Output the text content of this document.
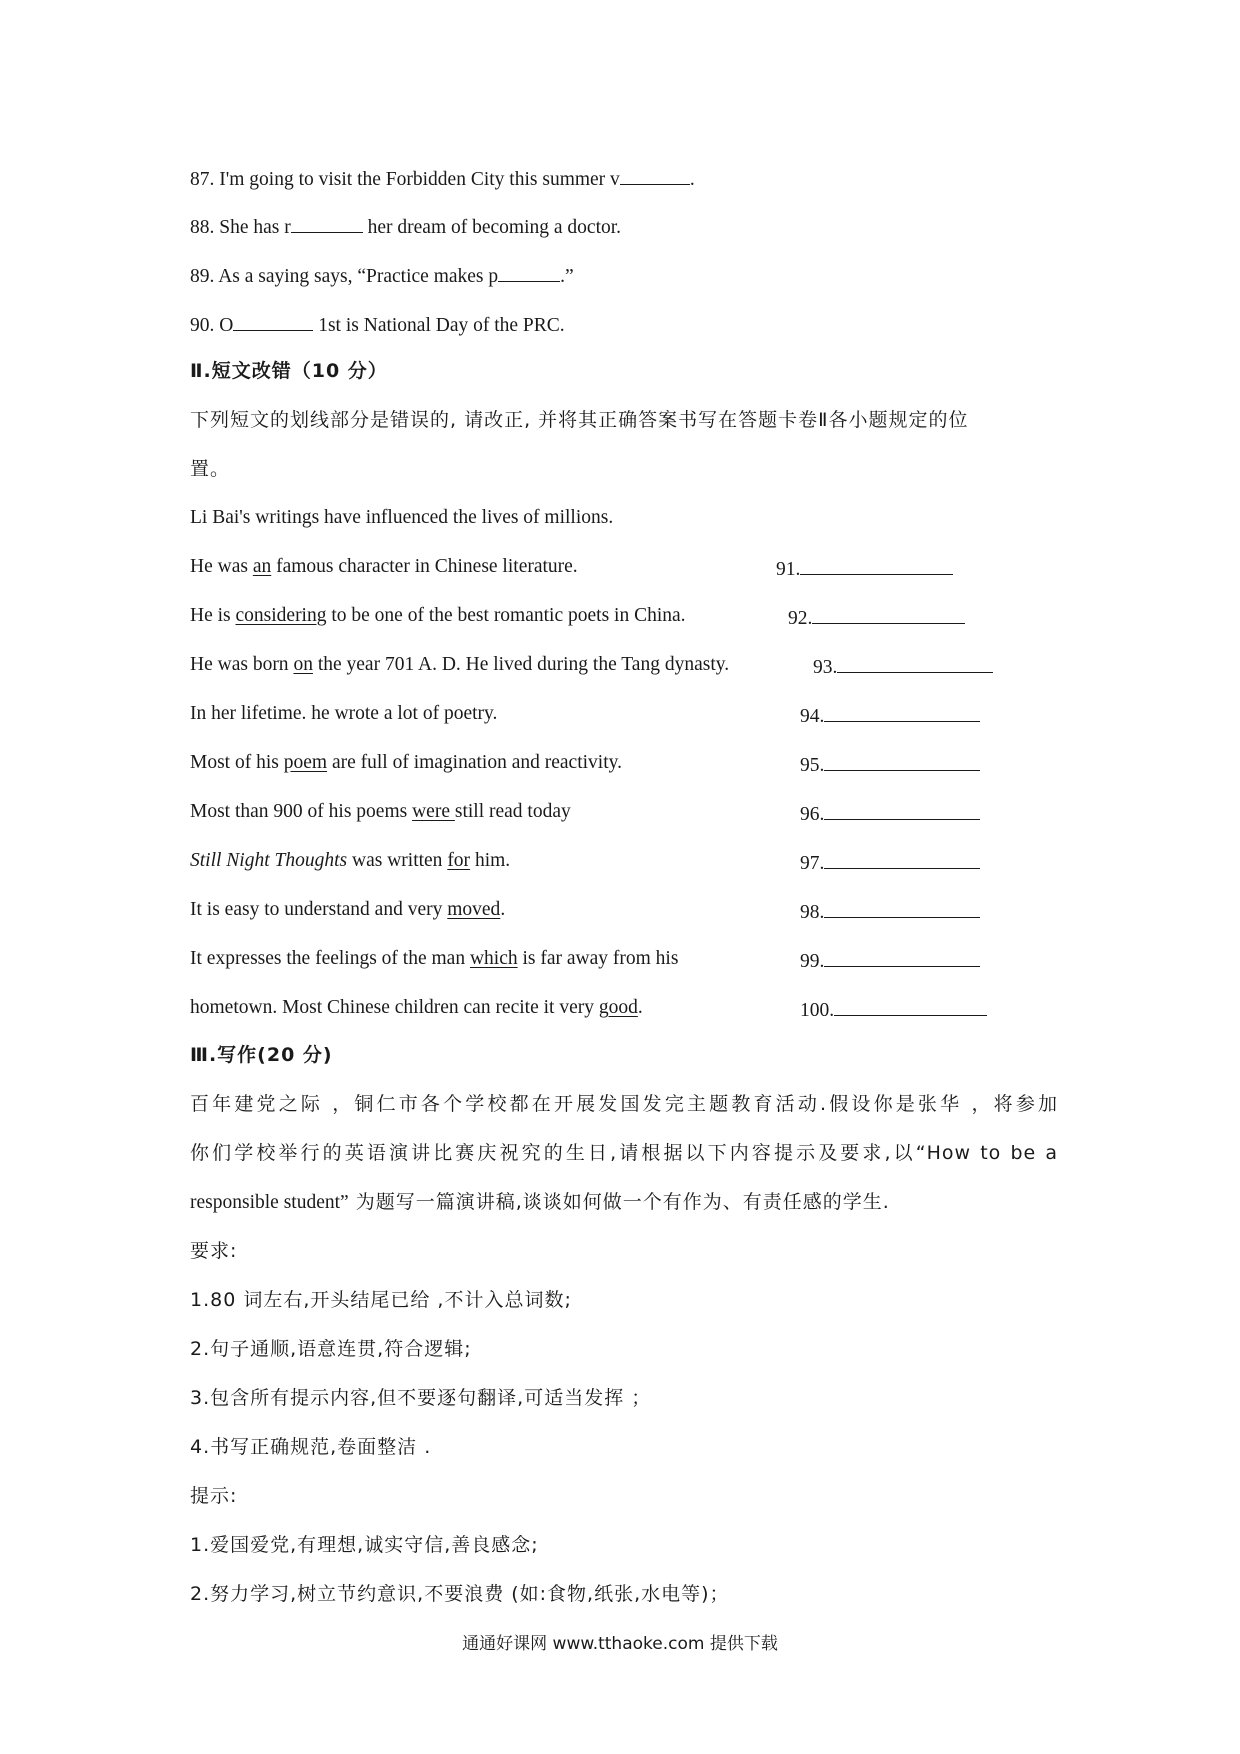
87. I'm going to visit the Forbidden City this summer v	.
88. She has r	her dream of becoming a doctor.
89. As a saying says, “Practice makes p	.”
90. O	1st is National Day of the PRC.
Ⅱ.短文改错（10 分）
下列短文的划线部分是错误的, 请改正, 并将其正确答案书写在答题卡卷Ⅱ各小题规定的位
置。
Li Bai's writings have influenced the lives of millions.
He was an famous character in Chinese literature.	91.
He is considering to be one of the best romantic poets in China.	92.
He was born on the year 701 A. D. He lived during the Tang dynasty.	93.
In her lifetime. he wrote a lot of poetry.	94.
Most of his poem are full of imagination and reactivity.	95.
Most than 900 of his poems were still read today	96.
Still Night Thoughts was written for him.	97.
It is easy to understand and very moved.	98.
It expresses the feelings of the man which is far away from his	99.
hometown. Most Chinese children can recite it very good.	100.
Ⅲ.写作(20 分)
百年建党之际 ，铜仁市各个学校都在开展发国发完主题教育活动.假设你是张华 ，将参加
你们学校举行的英语演讲比赛庆祝究的生日,请根据以下内容提示及要求,以“How to be a
responsible student” 为题写一篇演讲稿,谈谈如何做一个有作为、有责任感的学生.
要求:
1.80 词左右,开头结尾已给 ,不计入总词数;
2.句子通顺,语意连贯,符合逻辑;
3.包含所有提示内容,但不要逐句翻译,可适当发挥 ；
4.书写正确规范,卷面整洁 .
提示:
1.爱国爱党,有理想,诚实守信,善良感念;
2.努力学习,树立节约意识,不要浪费 (如:食物,纸张,水电等)；
通通好课网 www.tthaoke.com 提供下载
